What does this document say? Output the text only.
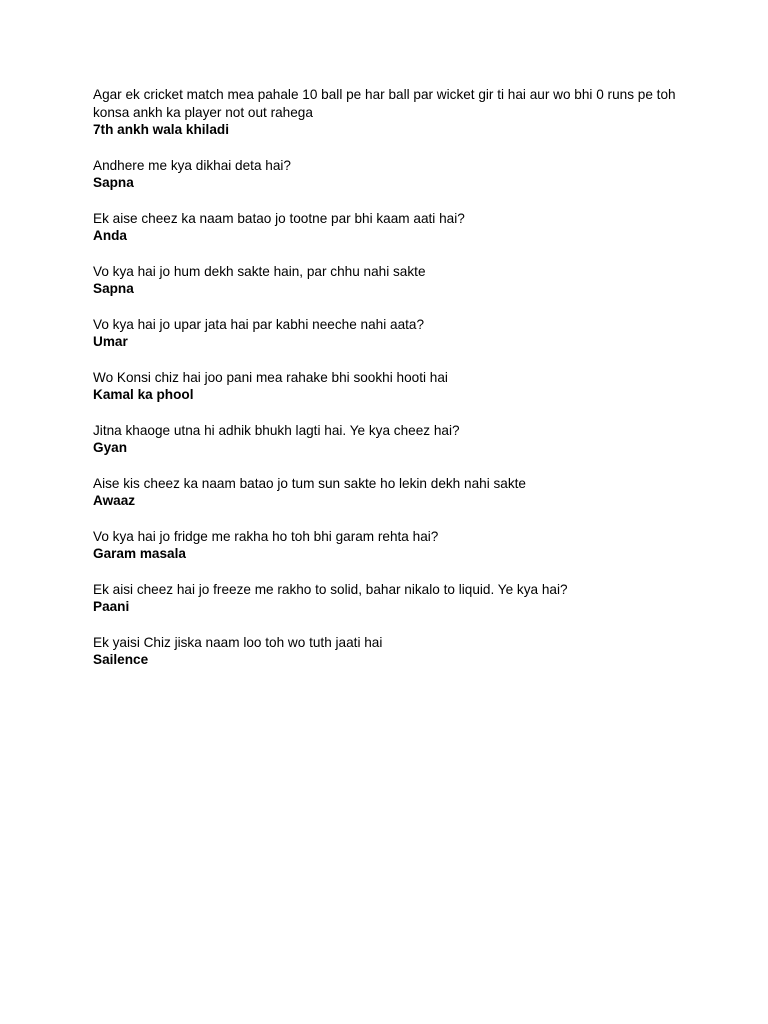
Agar ek cricket match mea pahale 10 ball pe har ball par wicket gir ti hai aur wo bhi 0 runs pe toh konsa ankh ka player not out rahega
7th ankh wala khiladi
Andhere me kya dikhai deta hai?
Sapna
Ek aise cheez ka naam batao jo tootne par bhi kaam aati hai?
Anda
Vo kya hai jo hum dekh sakte hain, par chhu nahi sakte
Sapna
Vo kya hai jo upar jata hai par kabhi neeche nahi aata?
Umar
Wo Konsi chiz hai joo pani mea rahake bhi sookhi hooti hai
Kamal ka phool
Jitna khaoge utna hi adhik bhukh lagti hai. Ye kya cheez hai?
Gyan
Aise kis cheez ka naam batao jo tum sun sakte ho lekin dekh nahi sakte
Awaaz
Vo kya hai jo fridge me rakha ho toh bhi garam rehta hai?
Garam masala
Ek aisi cheez hai jo freeze me rakho to solid, bahar nikalo to liquid. Ye kya hai?
Paani
Ek yaisi Chiz jiska naam loo toh wo tuth jaati hai
Sailence
